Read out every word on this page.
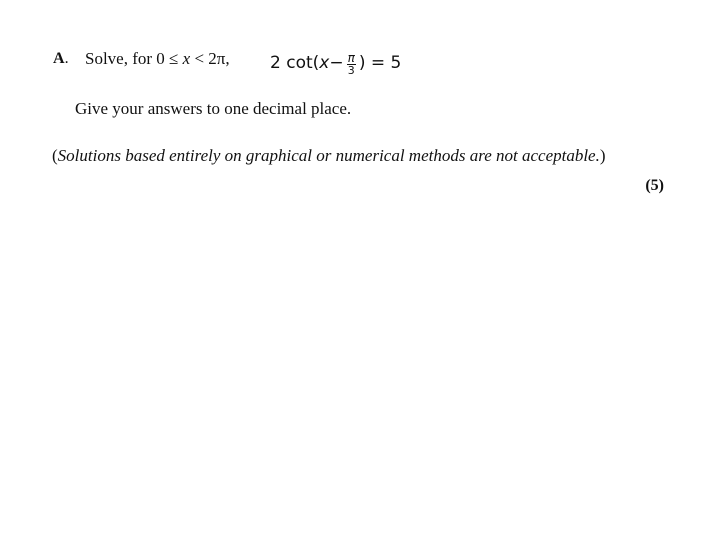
A. Solve, for 0 ≤ x < 2π, 2 cot( $x - \frac{\pi}{3}$ ) = 5
Give your answers to one decimal place.
(Solutions based entirely on graphical or numerical methods are not acceptable.)
(5)
